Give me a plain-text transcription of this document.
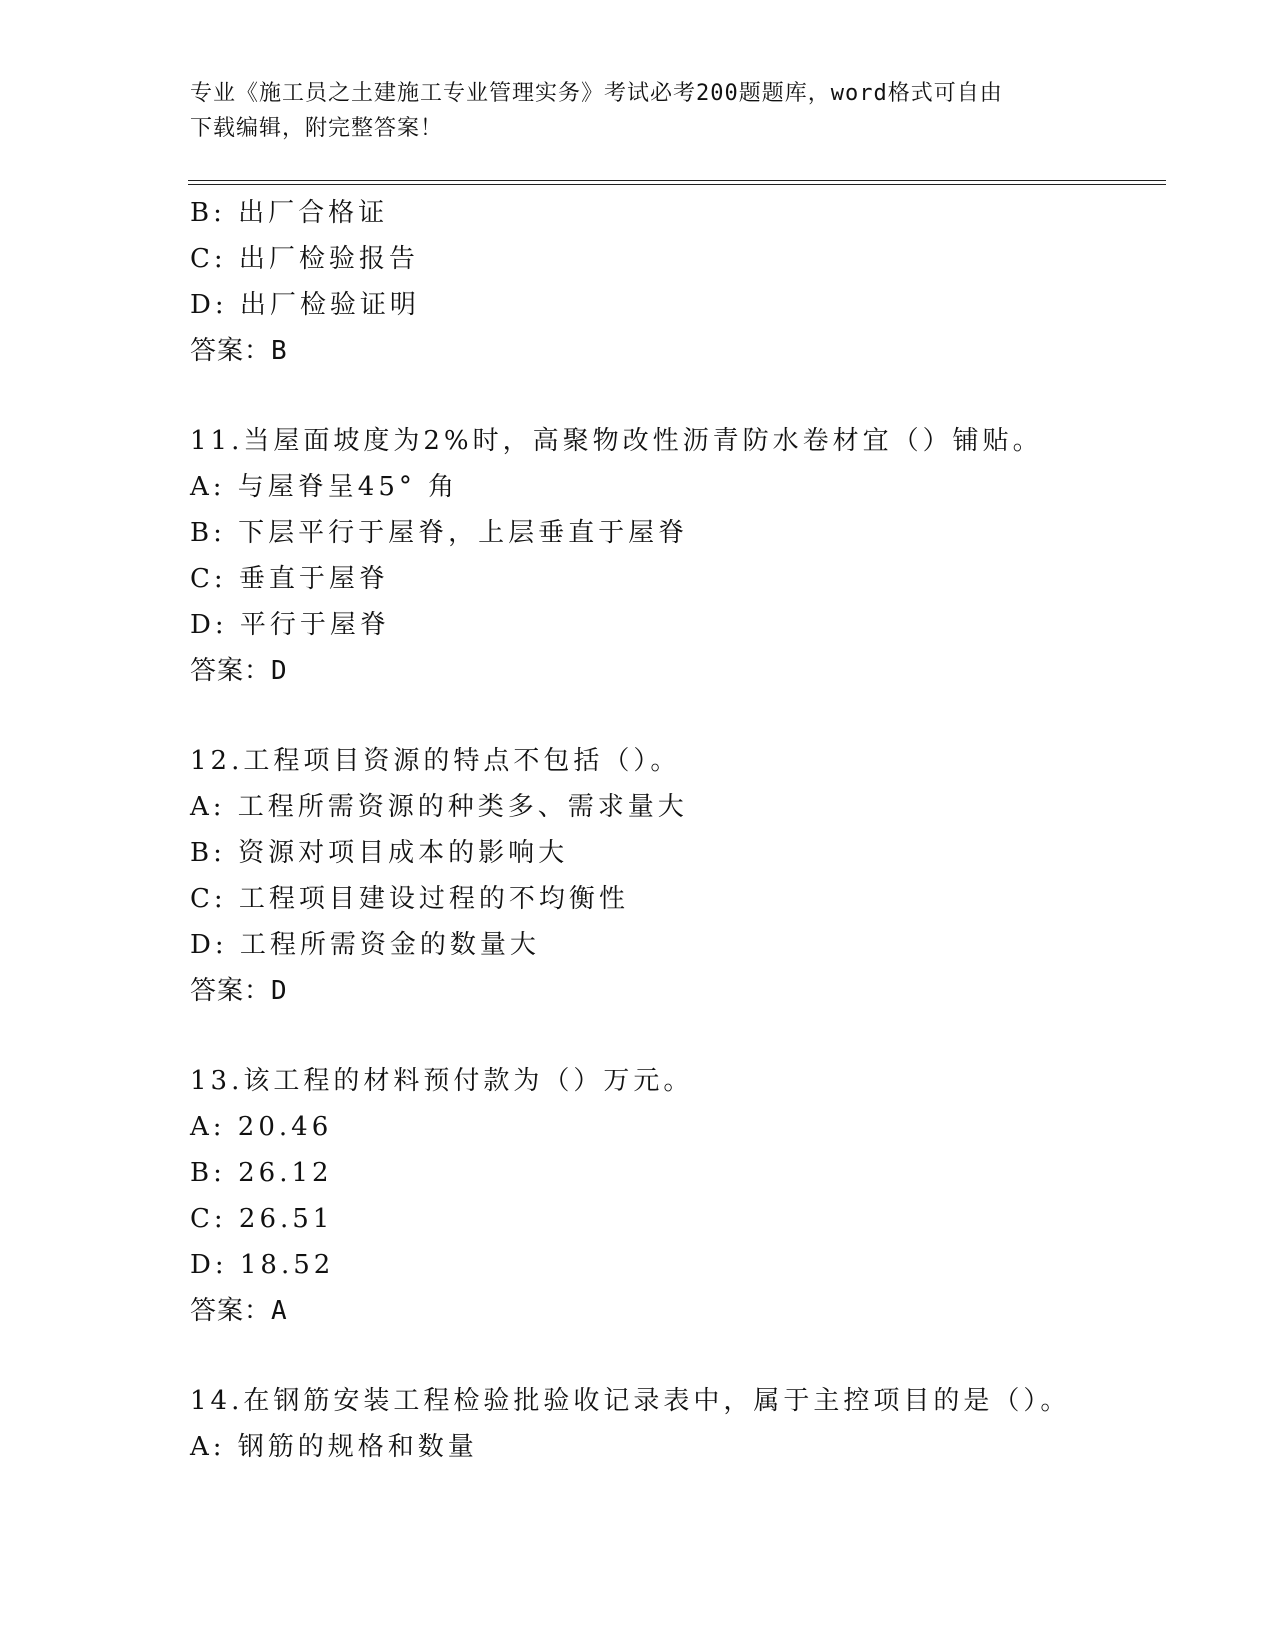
专业《施工员之土建施工专业管理实务》考试必考200题题库，word格式可自由
下载编辑，附完整答案！
B: 出厂合格证
C: 出厂检验报告
D: 出厂检验证明
答案：B
11.当屋面坡度为2%时，高聚物改性沥青防水卷材宜（）铺贴。
A: 与屋脊呈45° 角
B: 下层平行于屋脊，上层垂直于屋脊
C: 垂直于屋脊
D: 平行于屋脊
答案：D
12.工程项目资源的特点不包括（）。
A: 工程所需资源的种类多、需求量大
B: 资源对项目成本的影响大
C: 工程项目建设过程的不均衡性
D: 工程所需资金的数量大
答案：D
13.该工程的材料预付款为（）万元。
A: 20.46
B: 26.12
C: 26.51
D: 18.52
答案：A
14.在钢筋安装工程检验批验收记录表中，属于主控项目的是（）。
A: 钢筋的规格和数量
